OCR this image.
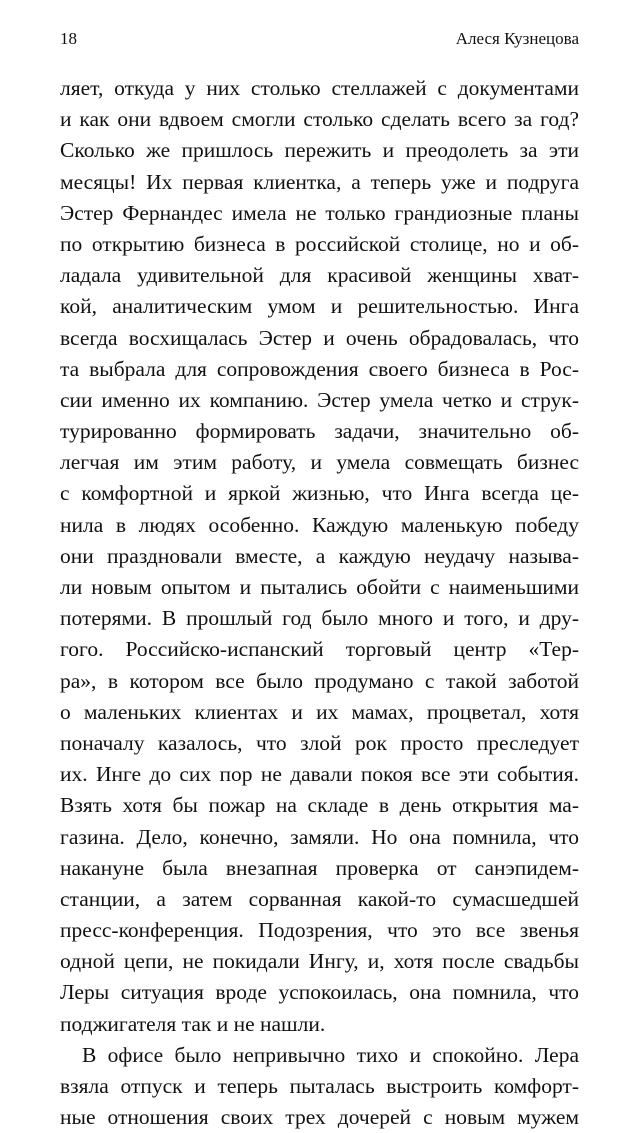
18	Алеся Кузнецова
ляет, откуда у них столько стеллажей с документами
и как они вдвоем смогли столько сделать всего за год?
Сколько же пришлось пережить и преодолеть за эти
месяцы! Их первая клиентка, а теперь уже и подруга
Эстер Фернандес имела не только грандиозные планы
по открытию бизнеса в российской столице, но и об-
ладала удивительной для красивой женщины хват-
кой, аналитическим умом и решительностью. Инга
всегда восхищалась Эстер и очень обрадовалась, что
та выбрала для сопровождения своего бизнеса в Рос-
сии именно их компанию. Эстер умела четко и струк-
турированно формировать задачи, значительно об-
легчая им этим работу, и умела совмещать бизнес
с комфортной и яркой жизнью, что Инга всегда це-
нила в людях особенно. Каждую маленькую победу
они праздновали вместе, а каждую неудачу называ-
ли новым опытом и пытались обойти с наименьшими
потерями. В прошлый год было много и того, и дру-
гого. Российско-испанский торговый центр «Тер-
ра», в котором все было продумано с такой заботой
о маленьких клиентах и их мамах, процветал, хотя
поначалу казалось, что злой рок просто преследует
их. Инге до сих пор не давали покоя все эти события.
Взять хотя бы пожар на складе в день открытия ма-
газина. Дело, конечно, замяли. Но она помнила, что
накануне была внезапная проверка от санэпидем-
станции, а затем сорванная какой-то сумасшедшей
пресс-конференция. Подозрения, что это все звенья
одной цепи, не покидали Ингу, и, хотя после свадьбы
Леры ситуация вроде успокоилась, она помнила, что
поджигателя так и не нашли.
В офисе было непривычно тихо и спокойно. Лера
взяла отпуск и теперь пыталась выстроить комфорт-
ные отношения своих трех дочерей с новым мужем
